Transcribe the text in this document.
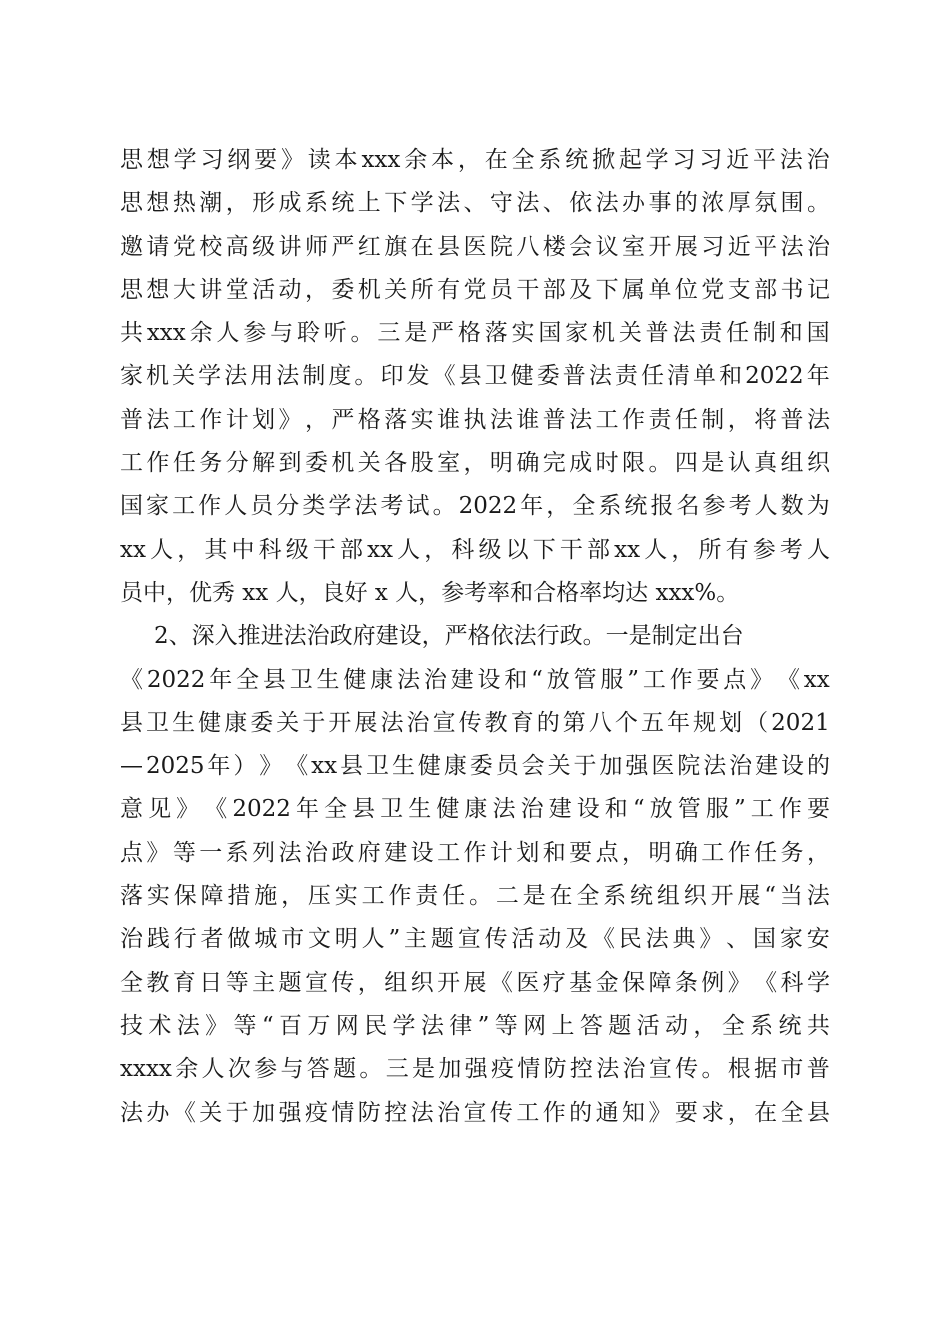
思 想 学 习 纲 要 》 读 本 xxx 余 本 ， 在 全 系 统 掀 起 学 习 习 近 平 法 治
思 想 热 潮 ， 形 成 系 统 上 下 学 法 、 守 法 、 依 法 办 事 的 浓 厚 氛 围 。
邀 请 党 校 高 级 讲 师 严 红 旗 在 县 医 院 八 楼 会 议 室 开 展 习 近 平 法 治
思 想 大 讲 堂 活 动 ， 委 机 关 所 有 党 员 干 部 及 下 属 单 位 党 支 部 书 记
共 xxx 余 人 参 与 聆 听 。 三 是 严 格 落 实 国 家 机 关 普 法 责 任 制 和 国
家 机 关 学 法 用 法 制 度 。 印 发 《 县 卫 健 委 普 法 责 任 清 单 和 2022 年
普 法 工 作 计 划 》 ， 严 格 落 实 谁 执 法 谁 普 法 工 作 责 任 制 ， 将 普 法
工 作 任 务 分 解 到 委 机 关 各 股 室 ， 明 确 完 成 时 限 。 四 是 认 真 组 织
国 家 工 作 人 员 分 类 学 法 考 试 。 2022 年 ， 全 系 统 报 名 参 考 人 数 为
xx 人 ， 其 中 科 级 干 部 xx 人 ， 科 级 以 下 干 部 xx 人 ， 所 有 参 考 人
员中，优秀 xx 人，良好 x 人，参考率和合格率均达 xxx%。
2、深入推进法治政府建设，严格依法行政。一是制定出台
《 2022 年 全 县 卫 生 健 康 法 治 建 设 和 “ 放 管 服 ” 工 作 要 点 》 《 xx
县 卫 生 健 康 委 关 于 开 展 法 治 宣 传 教 育 的 第 八 个 五 年 规 划 （ 2021
— 2025 年 ） 》 《 xx 县 卫 生 健 康 委 员 会 关 于 加 强 医 院 法 治 建 设 的
意 见 》 《 2022 年 全 县 卫 生 健 康 法 治 建 设 和 “ 放 管 服 ” 工 作 要
点 》 等 一 系 列 法 治 政 府 建 设 工 作 计 划 和 要 点 ， 明 确 工 作 任 务 ，
落 实 保 障 措 施 ， 压 实 工 作 责 任 。 二 是 在 全 系 统 组 织 开 展 “ 当 法
治 践 行 者 做 城 市 文 明 人 ” 主 题 宣 传 活 动 及 《 民 法 典 》 、 国 家 安
全 教 育 日 等 主 题 宣 传 ， 组 织 开 展 《 医 疗 基 金 保 障 条 例 》 《 科 学
技 术 法 》 等 “ 百 万 网 民 学 法 律 ” 等 网 上 答 题 活 动 ， 全 系 统 共
xxxx 余 人 次 参 与 答 题 。 三 是 加 强 疫 情 防 控 法 治 宣 传 。 根 据 市 普
法 办 《 关 于 加 强 疫 情 防 控 法 治 宣 传 工 作 的 通 知 》 要 求 ， 在 全 县
